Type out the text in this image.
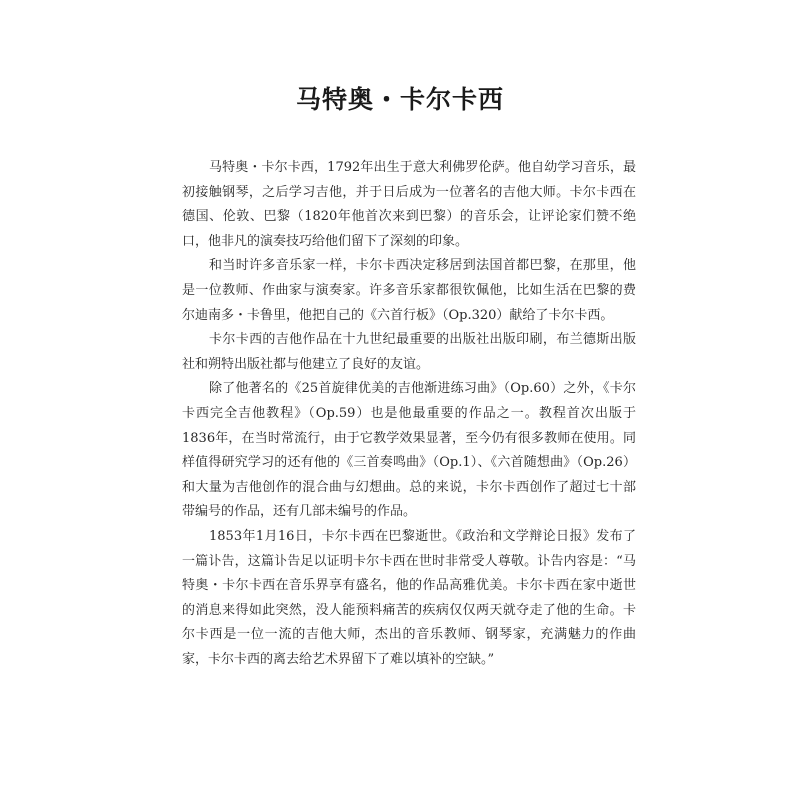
马特奥・卡尔卡西

马特奥・卡尔卡西，1792年出生于意大利佛罗伦萨。他自幼学习音乐，最初接触钢琴，之后学习吉他，并于日后成为一位著名的吉他大师。卡尔卡西在德国、伦敦、巴黎（1820年他首次来到巴黎）的音乐会，让评论家们赞不绝口，他非凡的演奏技巧给他们留下了深刻的印象。

和当时许多音乐家一样，卡尔卡西决定移居到法国首都巴黎，在那里，他是一位教师、作曲家与演奏家。许多音乐家都很钦佩他，比如生活在巴黎的费尔迪南多・卡鲁里，他把自己的《六首行板》（Op.320）献给了卡尔卡西。

卡尔卡西的吉他作品在十九世纪最重要的出版社出版印刷，布兰德斯出版社和朔特出版社都与他建立了良好的友谊。

除了他著名的《25首旋律优美的吉他渐进练习曲》（Op.60）之外，《卡尔卡西完全吉他教程》（Op.59）也是他最重要的作品之一。教程首次出版于1836年，在当时常流行，由于它教学效果显著，至今仍有很多教师在使用。同样值得研究学习的还有他的《三首奏鸣曲》（Op.1）、《六首随想曲》（Op.26）和大量为吉他创作的混合曲与幻想曲。总的来说，卡尔卡西创作了超过七十部带编号的作品，还有几部未编号的作品。

1853年1月16日，卡尔卡西在巴黎逝世。《政治和文学辩论日报》发布了一篇讣告，这篇讣告足以证明卡尔卡西在世时非常受人尊敬。讣告内容是：“马特奥・卡尔卡西在音乐界享有盛名，他的作品高雅优美。卡尔卡西在家中逝世的消息来得如此突然，没人能预料痛苦的疾病仅仅两天就夺走了他的生命。卡尔卡西是一位一流的吉他大师，杰出的音乐教师、钢琴家，充满魅力的作曲家，卡尔卡西的离去给艺术界留下了难以填补的空缺。”
